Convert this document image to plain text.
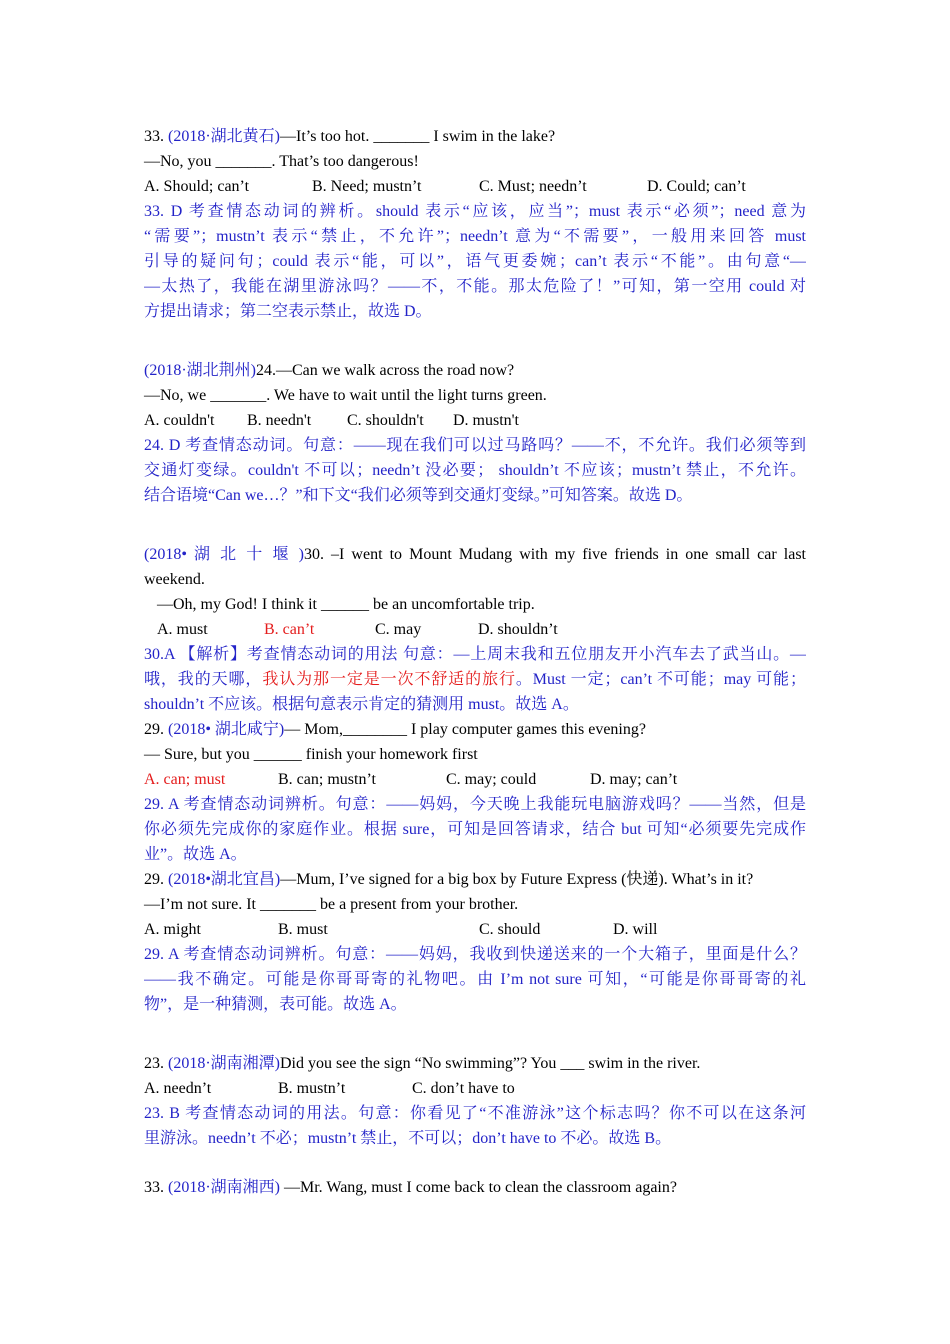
33. (2018·湖北黄石)—It’s too hot. _______ I swim in the lake?
—No, you _______. That’s too dangerous!
A. Should; can’t	B. Need; mustn’t	C. Must; needn’t	D. Could; can’t
33. D 考查情态动词的辨析。should 表示“应该，应当”；must 表示“必须”；need 意为
“需要”；mustn’t 表示“禁止，不允许”；needn’t 意为“不需要”，一般用来回答 must
引导的疑问句；could 表示“能，可以”，语气更委婉；can’t 表示“不能”。由句意“—
—太热了，我能在湖里游泳吗？——不，不能。那太危险了！”可知，第一空用 could 对
方提出请求；第二空表示禁止，故选 D。
(2018·湖北荆州)24.—Can we walk across the road now?
—No, we _______. We have to wait until the light turns green.
A. couldn't B. needn't C. shouldn't D. mustn't
24. D 考查情态动词。句意：——现在我们可以过马路吗？——不，不允许。我们必须等到
交通灯变绿。couldn't 不可以；needn’t 没必要； shouldn’t 不应该；mustn’t 禁止，不允许。
结合语境“Can we…？”和下文“我们必须等到交通灯变绿。”可知答案。故选 D。
(2018• 湖 北 十 堰 )30. –I went to Mount Mudang with my five friends in one small car last
weekend.
—Oh, my God! I think it ______ be an uncomfortable trip.
A. must	B. can’t	C. may	D. shouldn’t
30.A 【解析】考查情态动词的用法 句意：—上周末我和五位朋友开小汽车去了武当山。—
哦，我的天哪，我认为那一定是一次不舒适的旅行。Must 一定；can’t 不可能；may 可能；
shouldn’t 不应该。根据句意表示肯定的猜测用 must。故选 A。
29. (2018• 湖北咸宁)— Mom,________ I play computer games this evening?
— Sure, but you ______ finish your homework first
A. can; must	B. can; mustn’t	C. may; could	D. may; can’t
29. A 考查情态动词辨析。句意：——妈妈，今天晚上我能玩电脑游戏吗？——当然，但是
你必须先完成你的家庭作业。根据 sure，可知是回答请求，结合 but 可知“必须要先完成作
业”。故选 A。
29. (2018•湖北宜昌)—Mum, I’ve signed for a big box by Future Express (快递). What’s in it?
—I’m not sure. It _______ be a present from your brother.
A. might	B. must	C. should	D. will
29. A 考查情态动词辨析。句意：——妈妈，我收到快递送来的一个大箱子，里面是什么？
——我不确定。可能是你哥哥寄的礼物吧。由 I’m not sure 可知，“可能是你哥哥寄的礼
物”，是一种猜测，表可能。故选 A。
23. (2018·湖南湘潭)Did you see the sign “No swimming”? You ___ swim in the river.
A. needn’t	B. mustn’t	C. don’t have to
23. B 考查情态动词的用法。句意：你看见了“不准游泳”这个标志吗？你不可以在这条河
里游泳。needn’t 不必；mustn’t 禁止，不可以；don’t have to 不必。故选 B。
33. (2018·湖南湘西) —Mr. Wang, must I come back to clean the classroom again?
